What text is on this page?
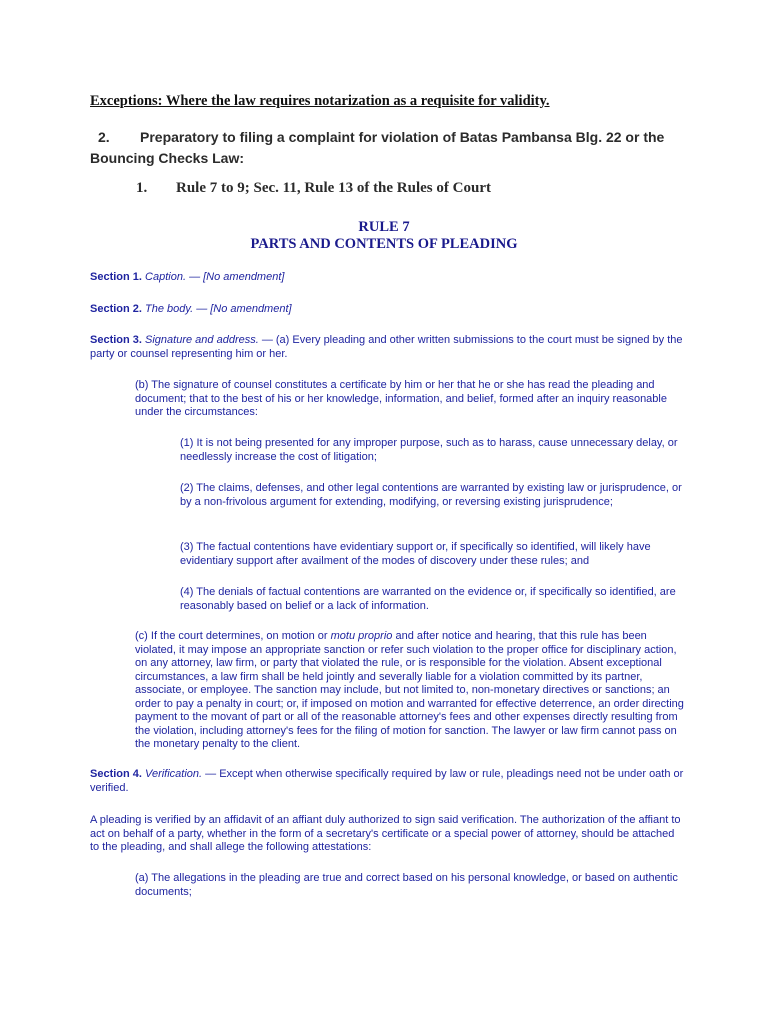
Exceptions: Where the law requires notarization as a requisite for validity.
2. Preparatory to filing a complaint for violation of Batas Pambansa Blg. 22 or the Bouncing Checks Law:
1. Rule 7 to 9; Sec. 11, Rule 13 of the Rules of Court
RULE 7
PARTS AND CONTENTS OF PLEADING
Section 1. Caption. — [No amendment]
Section 2. The body. — [No amendment]
Section 3. Signature and address. — (a) Every pleading and other written submissions to the court must be signed by the party or counsel representing him or her.
(b) The signature of counsel constitutes a certificate by him or her that he or she has read the pleading and document; that to the best of his or her knowledge, information, and belief, formed after an inquiry reasonable under the circumstances:
(1) It is not being presented for any improper purpose, such as to harass, cause unnecessary delay, or needlessly increase the cost of litigation;
(2) The claims, defenses, and other legal contentions are warranted by existing law or jurisprudence, or by a non-frivolous argument for extending, modifying, or reversing existing jurisprudence;
(3) The factual contentions have evidentiary support or, if specifically so identified, will likely have evidentiary support after availment of the modes of discovery under these rules; and
(4) The denials of factual contentions are warranted on the evidence or, if specifically so identified, are reasonably based on belief or a lack of information.
(c) If the court determines, on motion or motu proprio and after notice and hearing, that this rule has been violated, it may impose an appropriate sanction or refer such violation to the proper office for disciplinary action, on any attorney, law firm, or party that violated the rule, or is responsible for the violation. Absent exceptional circumstances, a law firm shall be held jointly and severally liable for a violation committed by its partner, associate, or employee. The sanction may include, but not limited to, non-monetary directives or sanctions; an order to pay a penalty in court; or, if imposed on motion and warranted for effective deterrence, an order directing payment to the movant of part or all of the reasonable attorney's fees and other expenses directly resulting from the violation, including attorney's fees for the filing of motion for sanction. The lawyer or law firm cannot pass on the monetary penalty to the client.
Section 4. Verification. — Except when otherwise specifically required by law or rule, pleadings need not be under oath or verified.
A pleading is verified by an affidavit of an affiant duly authorized to sign said verification. The authorization of the affiant to act on behalf of a party, whether in the form of a secretary's certificate or a special power of attorney, should be attached to the pleading, and shall allege the following attestations:
(a) The allegations in the pleading are true and correct based on his personal knowledge, or based on authentic documents;
